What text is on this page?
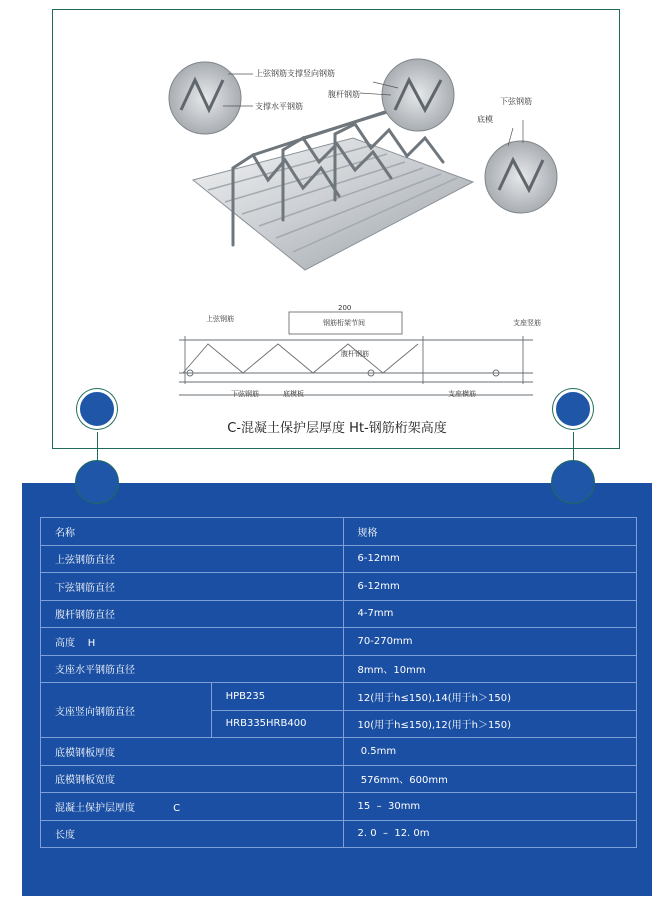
上弦钢筋支撑竖向钢筋
支撑水平钢筋
腹杆钢筋
下弦钢筋
底模
200
钢筋桁架节间
上弦钢筋	支座竖筋
腹杆钢筋
下弦钢筋	底模板	支座横筋
C-混凝土保护层厚度 Ht-钢筋桁架高度
名称		规格
上弦钢筋直径		6-12mm
下弦钢筋直径		6-12mm
腹杆钢筋直径		4-7mm
高度    H		70-270mm
支座水平钢筋直径		8mm、10mm
支座竖向钢筋直径	HPB235	12(用于h≤150),14(用于h＞150)
	HRB335HRB400	10(用于h≤150),12(用于h＞150)
底模钢板厚度		0.5mm
底模钢板宽度		576mm、600mm
混凝土保护层厚度            C		15  –  30mm
长度		2. 0  –  12. 0m
